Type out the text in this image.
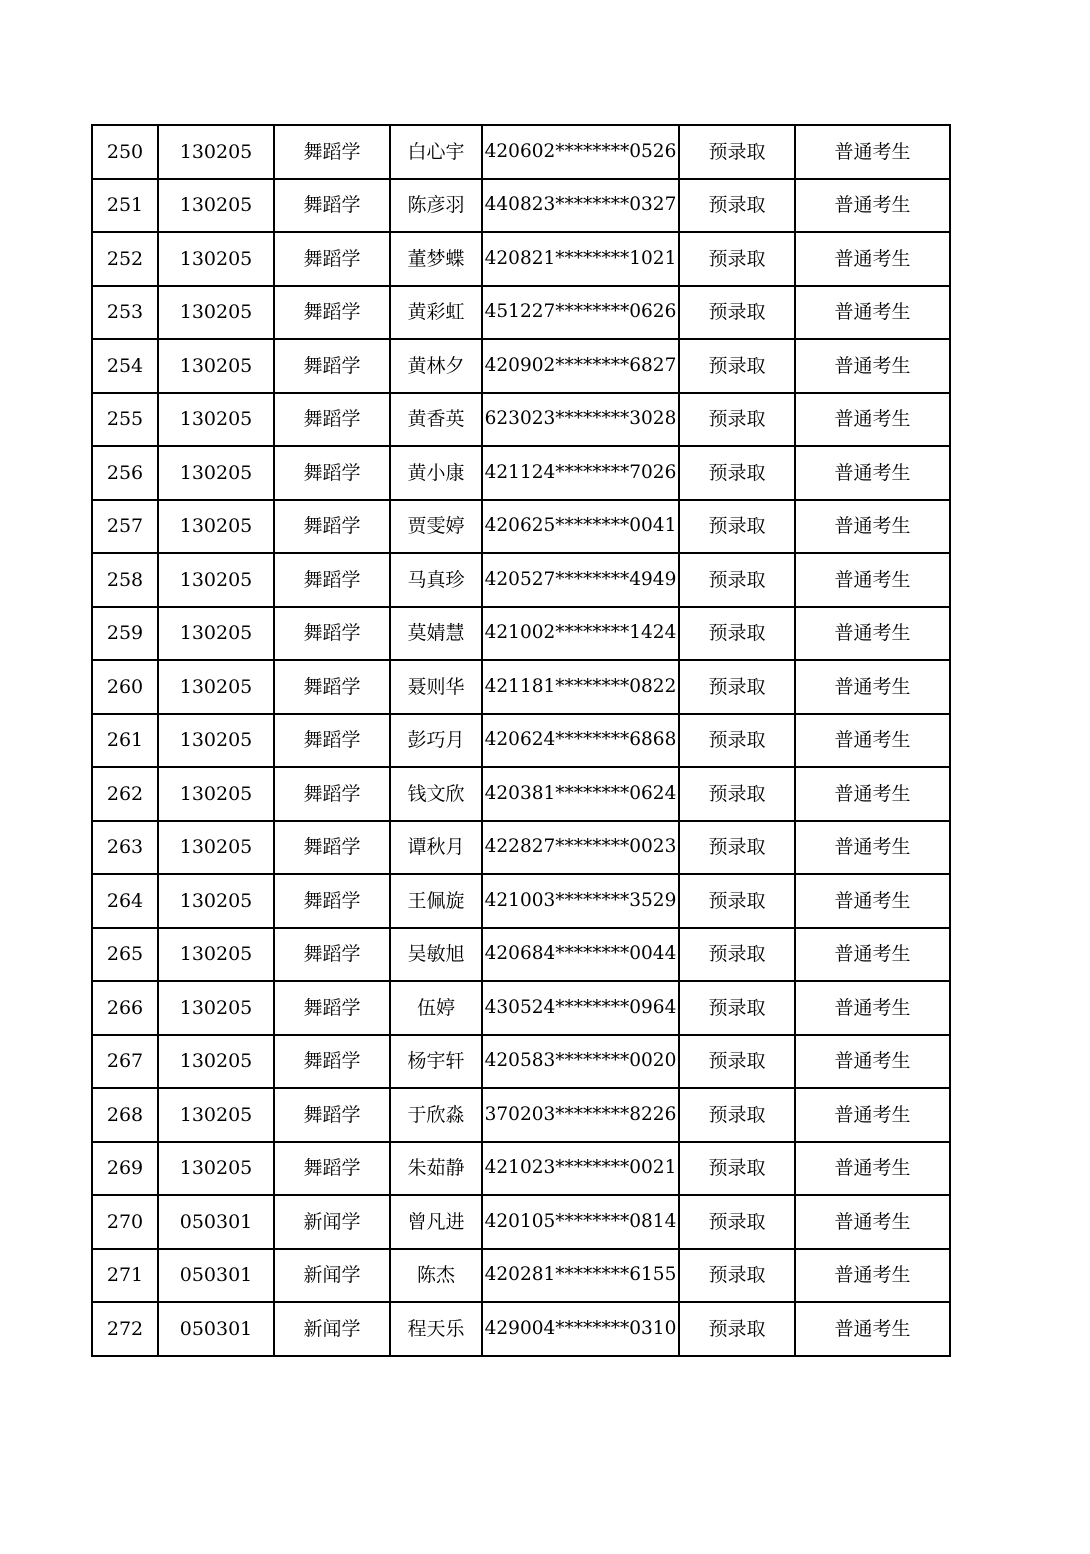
250	130205	舞蹈学	白心宇	420602********0526	预录取	普通考生
251	130205	舞蹈学	陈彦羽	440823********0327	预录取	普通考生
252	130205	舞蹈学	董梦蝶	420821********1021	预录取	普通考生
253	130205	舞蹈学	黄彩虹	451227********0626	预录取	普通考生
254	130205	舞蹈学	黄林夕	420902********6827	预录取	普通考生
255	130205	舞蹈学	黄香英	623023********3028	预录取	普通考生
256	130205	舞蹈学	黄小康	421124********7026	预录取	普通考生
257	130205	舞蹈学	贾雯婷	420625********0041	预录取	普通考生
258	130205	舞蹈学	马真珍	420527********4949	预录取	普通考生
259	130205	舞蹈学	莫婧慧	421002********1424	预录取	普通考生
260	130205	舞蹈学	聂则华	421181********0822	预录取	普通考生
261	130205	舞蹈学	彭巧月	420624********6868	预录取	普通考生
262	130205	舞蹈学	钱文欣	420381********0624	预录取	普通考生
263	130205	舞蹈学	谭秋月	422827********0023	预录取	普通考生
264	130205	舞蹈学	王佩旋	421003********3529	预录取	普通考生
265	130205	舞蹈学	吴敏旭	420684********0044	预录取	普通考生
266	130205	舞蹈学	伍婷	430524********0964	预录取	普通考生
267	130205	舞蹈学	杨宇轩	420583********0020	预录取	普通考生
268	130205	舞蹈学	于欣淼	370203********8226	预录取	普通考生
269	130205	舞蹈学	朱茹静	421023********0021	预录取	普通考生
270	050301	新闻学	曾凡进	420105********0814	预录取	普通考生
271	050301	新闻学	陈杰	420281********6155	预录取	普通考生
272	050301	新闻学	程天乐	429004********0310	预录取	普通考生
